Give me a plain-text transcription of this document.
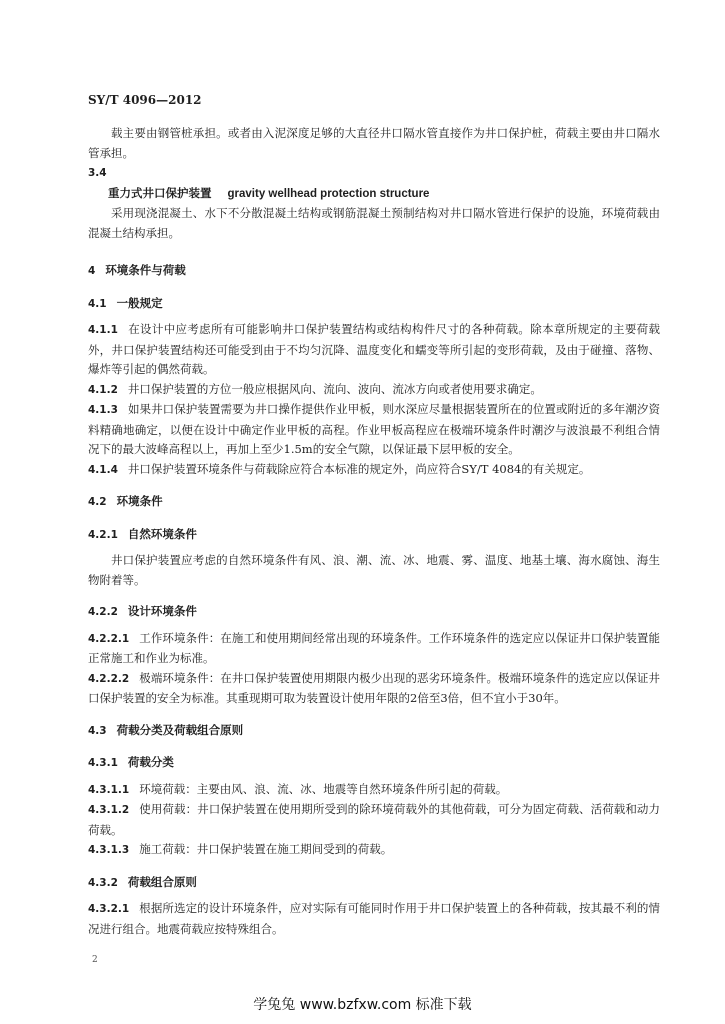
SY/T 4096—2012

载主要由钢管桩承担。或者由入泥深度足够的大直径井口隔水管直接作为井口保护桩，荷载主要由井口隔水管承担。

3.4

重力式井口保护装置 gravity wellhead protection structure

采用现浇混凝土、水下不分散混凝土结构或钢筋混凝土预制结构对井口隔水管进行保护的设施，环境荷载由混凝土结构承担。

4 环境条件与荷载

4.1 一般规定

4.1.1 在设计中应考虑所有可能影响井口保护装置结构或结构构件尺寸的各种荷载。除本章所规定的主要荷载外，井口保护装置结构还可能受到由于不均匀沉降、温度变化和蠕变等所引起的变形荷载，及由于碰撞、落物、爆炸等引起的偶然荷载。

4.1.2 井口保护装置的方位一般应根据风向、流向、波向、流冰方向或者使用要求确定。

4.1.3 如果井口保护装置需要为井口操作提供作业甲板，则水深应尽量根据装置所在的位置或附近的多年潮汐资料精确地确定，以便在设计中确定作业甲板的高程。作业甲板高程应在极端环境条件时潮汐与波浪最不利组合情况下的最大波峰高程以上，再加上至少1.5m的安全气隙，以保证最下层甲板的安全。

4.1.4 井口保护装置环境条件与荷载除应符合本标准的规定外，尚应符合SY/T 4084的有关规定。

4.2 环境条件

4.2.1 自然环境条件

井口保护装置应考虑的自然环境条件有风、浪、潮、流、冰、地震、雾、温度、地基土壤、海水腐蚀、海生物附着等。

4.2.2 设计环境条件

4.2.2.1 工作环境条件：在施工和使用期间经常出现的环境条件。工作环境条件的选定应以保证井口保护装置能正常施工和作业为标准。

4.2.2.2 极端环境条件：在井口保护装置使用期限内极少出现的恶劣环境条件。极端环境条件的选定应以保证井口保护装置的安全为标准。其重现期可取为装置设计使用年限的2倍至3倍，但不宜小于30年。

4.3 荷载分类及荷载组合原则

4.3.1 荷载分类

4.3.1.1 环境荷载：主要由风、浪、流、冰、地震等自然环境条件所引起的荷载。

4.3.1.2 使用荷载：井口保护装置在使用期所受到的除环境荷载外的其他荷载，可分为固定荷载、活荷载和动力荷载。

4.3.1.3 施工荷载：井口保护装置在施工期间受到的荷载。

4.3.2 荷载组合原则

4.3.2.1 根据所选定的设计环境条件，应对实际有可能同时作用于井口保护装置上的各种荷载，按其最不利的情况进行组合。地震荷载应按特殊组合。

2
学兔兔 www.bzfxw.com 标准下载
